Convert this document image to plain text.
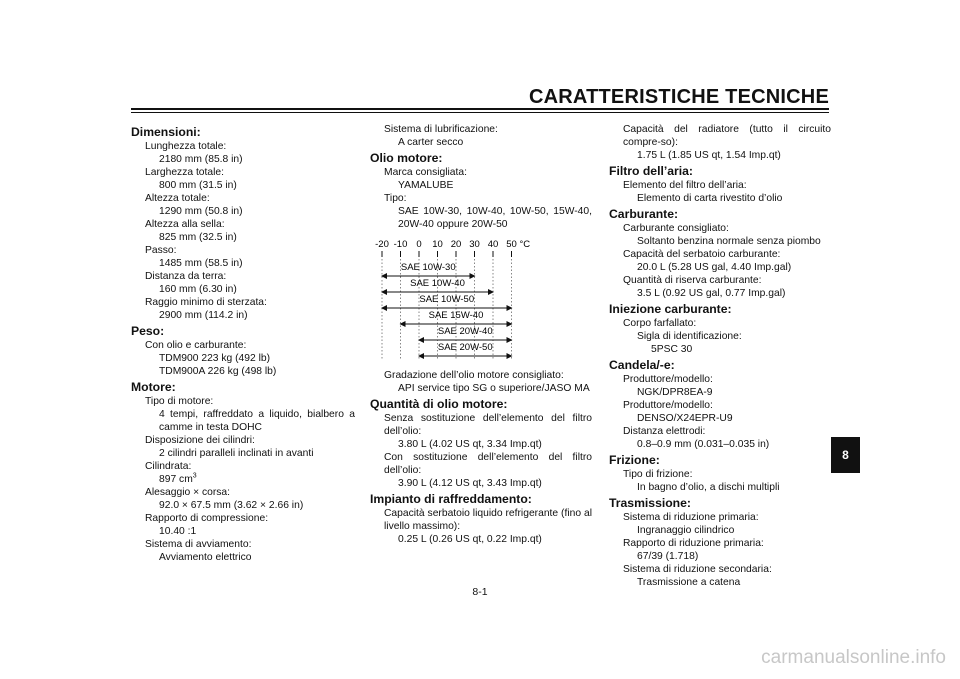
CARATTERISTICHE TECNICHE
Dimensioni:
Lunghezza totale:
2180 mm (85.8 in)
Larghezza totale:
800 mm (31.5 in)
Altezza totale:
1290 mm (50.8 in)
Altezza alla sella:
825 mm (32.5 in)
Passo:
1485 mm (58.5 in)
Distanza da terra:
160 mm (6.30 in)
Raggio minimo di sterzata:
2900 mm (114.2 in)
Peso:
Con olio e carburante:
TDM900 223 kg (492 lb)
TDM900A 226 kg (498 lb)
Motore:
Tipo di motore:
4 tempi, raffreddato a liquido, bialbero a camme in testa DOHC
Disposizione dei cilindri:
2 cilindri paralleli inclinati in avanti
Cilindrata:
897 $cm^3$
Alesaggio × corsa:
92.0 × 67.5 mm (3.62 × 2.66 in)
Rapporto di compressione:
10.40 :1
Sistema di avviamento:
Avviamento elettrico
Sistema di lubrificazione:
A carter secco
Olio motore:
Marca consigliata:
YAMALUBE
Tipo:
SAE 10W-30, 10W-40, 10W-50, 15W-40, 20W-40 oppure 20W-50
-20 -10 0 10 20 30 40 50 °C
SAE 10W-30
SAE 10W-40
SAE 10W-50
SAE 15W-40
SAE 20W-40
SAE 20W-50
Gradazione dell’olio motore consigliato:
API service tipo SG o superiore/JASO MA
Quantità di olio motore:
Senza sostituzione dell’elemento del filtro dell’olio:
3.80 L (4.02 US qt, 3.34 Imp.qt)
Con sostituzione dell’elemento del filtro dell’olio:
3.90 L (4.12 US qt, 3.43 Imp.qt)
Impianto di raffreddamento:
Capacità serbatoio liquido refrigerante (fino al livello massimo):
0.25 L (0.26 US qt, 0.22 Imp.qt)
Capacità del radiatore (tutto il circuito compre-so):
1.75 L (1.85 US qt, 1.54 Imp.qt)
Filtro dell’aria:
Elemento del filtro dell’aria:
Elemento di carta rivestito d’olio
Carburante:
Carburante consigliato:
Soltanto benzina normale senza piombo
Capacità del serbatoio carburante:
20.0 L (5.28 US gal, 4.40 Imp.gal)
Quantità di riserva carburante:
3.5 L (0.92 US gal, 0.77 Imp.gal)
Iniezione carburante:
Corpo farfallato:
Sigla di identificazione:
5PSC 30
Candela/-e:
Produttore/modello:
NGK/DPR8EA-9
Produttore/modello:
DENSO/X24EPR-U9
Distanza elettrodi:
0.8–0.9 mm (0.031–0.035 in)
Frizione:
Tipo di frizione:
In bagno d’olio, a dischi multipli
Trasmissione:
Sistema di riduzione primaria:
Ingranaggio cilindrico
Rapporto di riduzione primaria:
67/39 (1.718)
Sistema di riduzione secondaria:
Trasmissione a catena
8
8-1
carmanualsonline.info
